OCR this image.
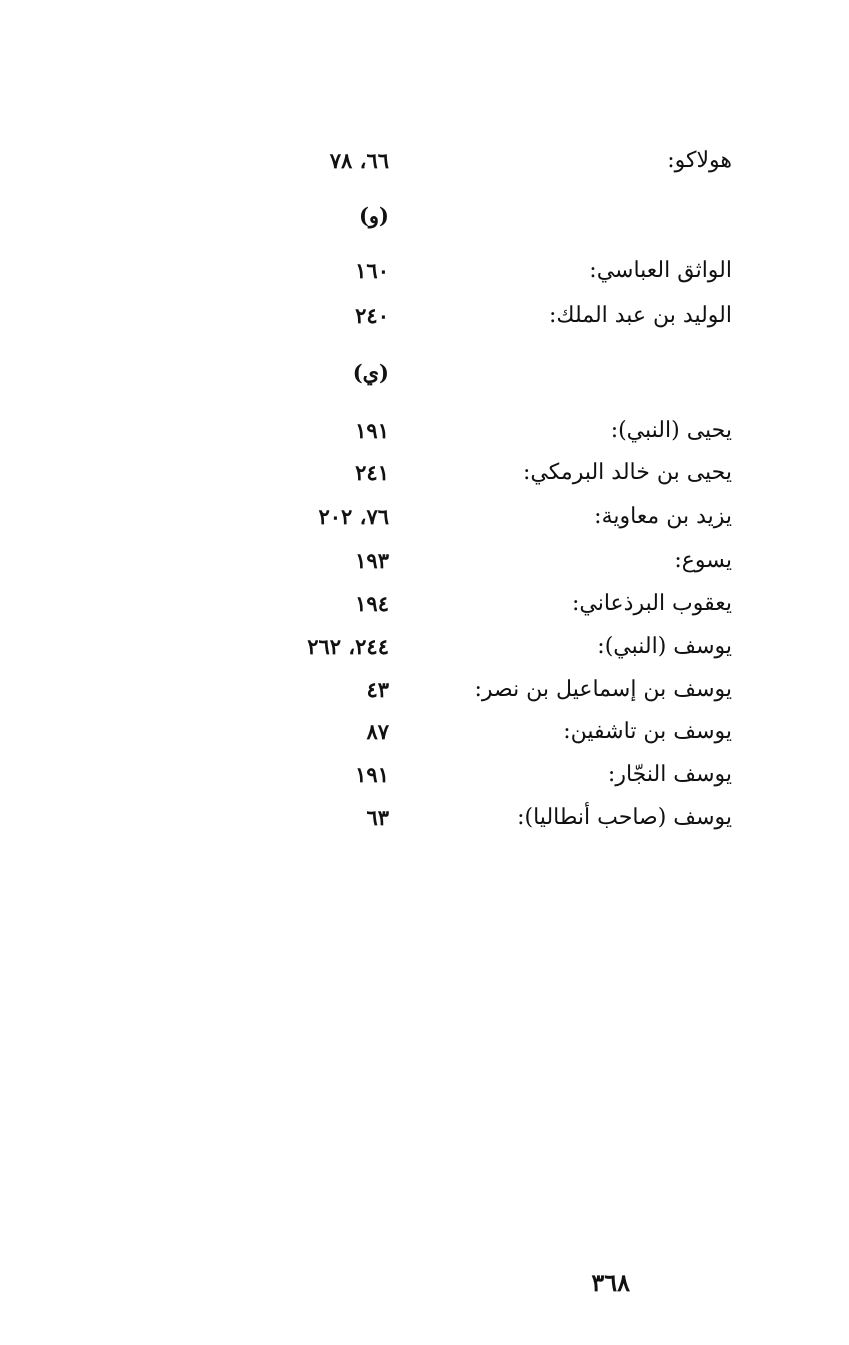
هولاكو:
٦٦، ٧٨
(و)
الواثق العباسي:
١٦٠
الوليد بن عبد الملك:
٢٤٠
(ي)
يحيى (النبي):
١٩١
يحيى بن خالد البرمكي:
٢٤١
يزيد بن معاوية:
٧٦، ٢٠٢
يسوع:
١٩٣
يعقوب البرذعاني:
١٩٤
يوسف (النبي):
٢٤٤، ٢٦٢
يوسف بن إسماعيل بن نصر:
٤٣
يوسف بن تاشفين:
٨٧
يوسف النجّار:
١٩١
يوسف (صاحب أنطاليا):
٦٣
٣٦٨
